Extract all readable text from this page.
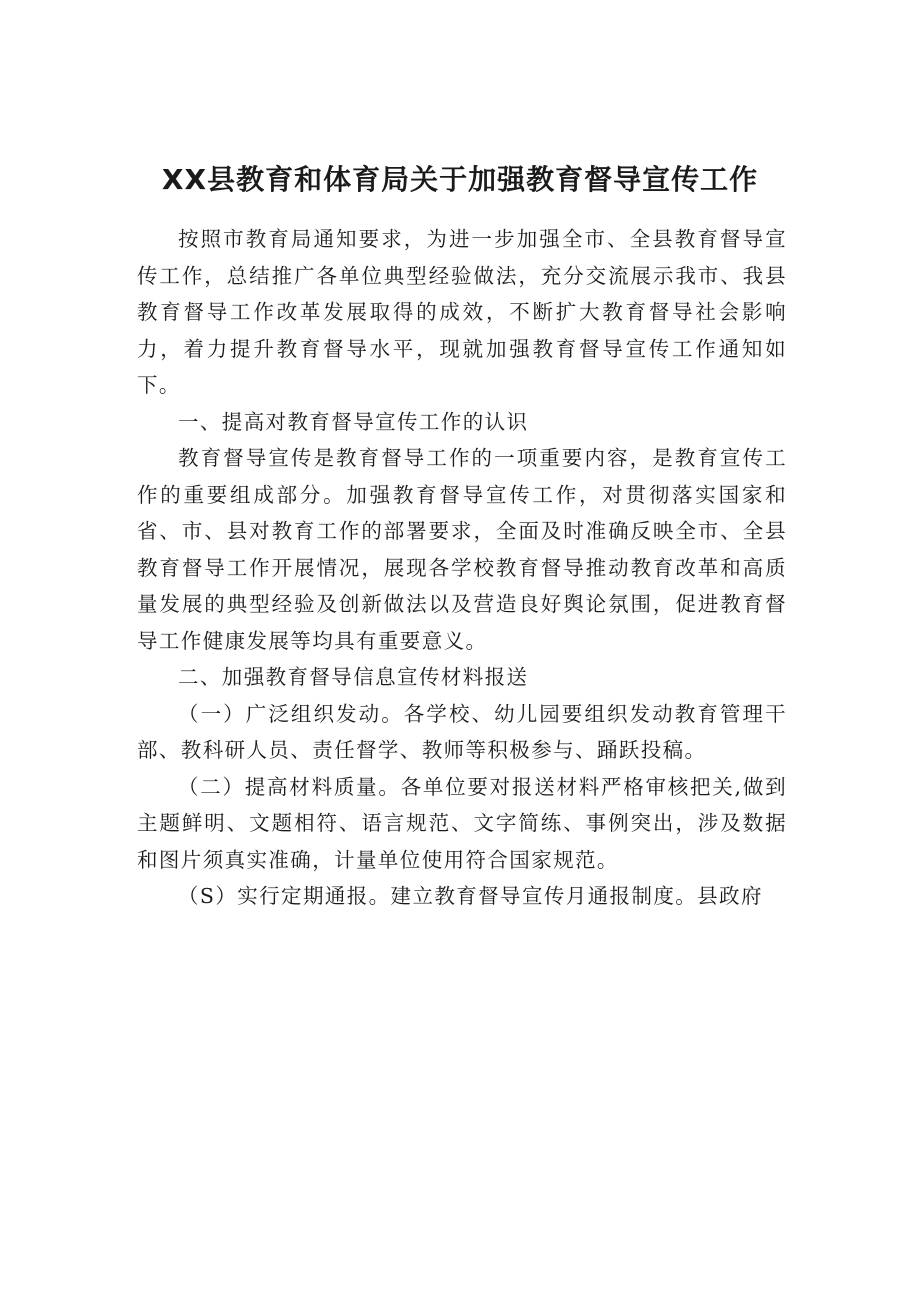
XX县教育和体育局关于加强教育督导宣传工作

按照市教育局通知要求，为进一步加强全市、全县教育督导宣传工作，总结推广各单位典型经验做法，充分交流展示我市、我县教育督导工作改革发展取得的成效，不断扩大教育督导社会影响力，着力提升教育督导水平，现就加强教育督导宣传工作通知如下。

一、提高对教育督导宣传工作的认识

教育督导宣传是教育督导工作的一项重要内容，是教育宣传工作的重要组成部分。加强教育督导宣传工作，对贯彻落实国家和省、市、县对教育工作的部署要求，全面及时准确反映全市、全县教育督导工作开展情况，展现各学校教育督导推动教育改革和高质量发展的典型经验及创新做法以及营造良好舆论氛围，促进教育督导工作健康发展等均具有重要意义。

二、加强教育督导信息宣传材料报送

（一）广泛组织发动。各学校、幼儿园要组织发动教育管理干部、教科研人员、责任督学、教师等积极参与、踊跃投稿。

（二）提高材料质量。各单位要对报送材料严格审核把关,做到主题鲜明、文题相符、语言规范、文字简练、事例突出，涉及数据和图片须真实准确，计量单位使用符合国家规范。

（S）实行定期通报。建立教育督导宣传月通报制度。县政府
